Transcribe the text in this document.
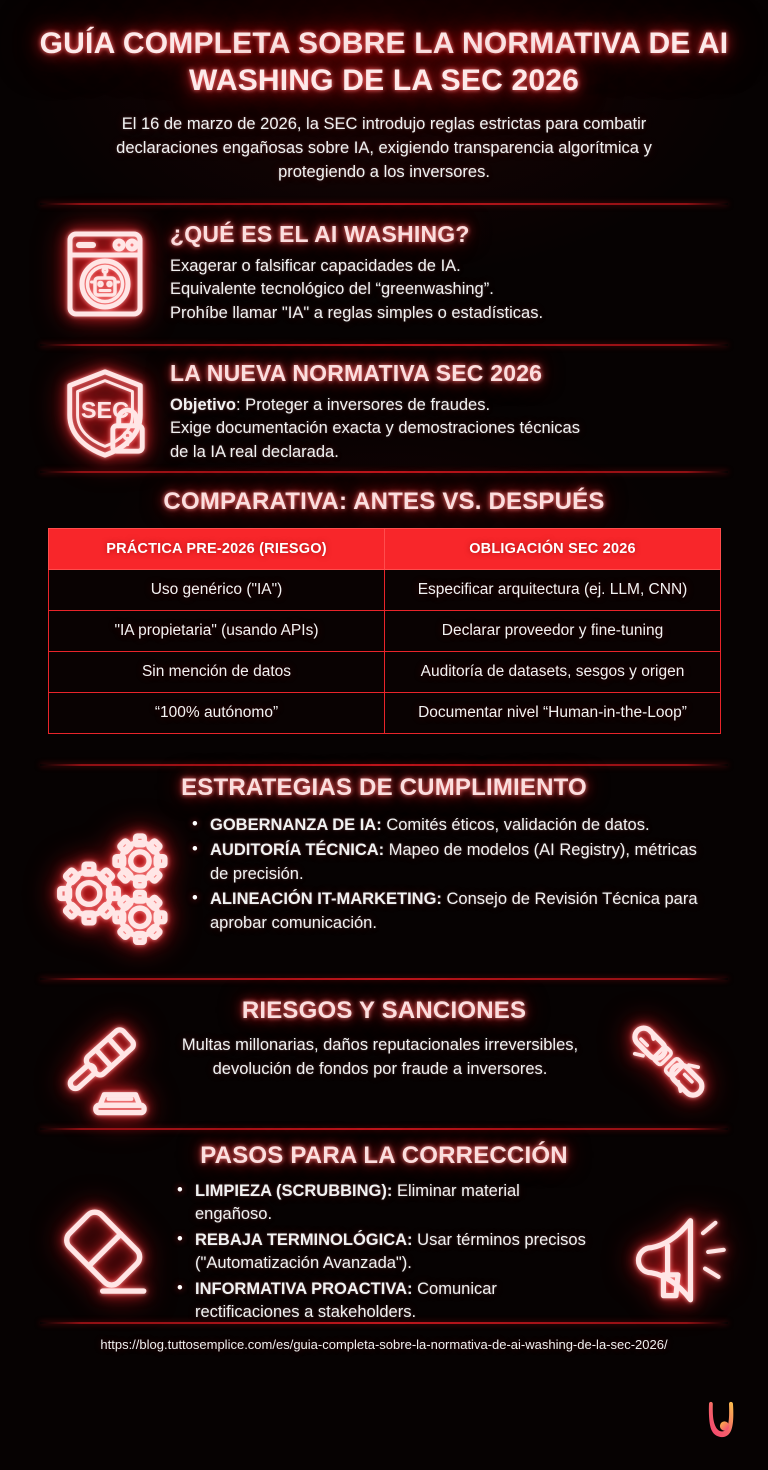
GUÍA COMPLETA SOBRE LA NORMATIVA DE AI WASHING DE LA SEC 2026
El 16 de marzo de 2026, la SEC introdujo reglas estrictas para combatir declaraciones engañosas sobre IA, exigiendo transparencia algorítmica y protegiendo a los inversores.
¿QUÉ ES EL AI WASHING?
Exagerar o falsificar capacidades de IA.
Equivalente tecnológico del “greenwashing”.
Prohíbe llamar "IA" a reglas simples o estadísticas.
SEC
LA NUEVA NORMATIVA SEC 2026
Objetivo: Proteger a inversores de fraudes.
Exige documentación exacta y demostraciones técnicas
de la IA real declarada.
COMPARATIVA: ANTES VS. DESPUÉS
PRÁCTICA PRE-2026 (RIESGO)	OBLIGACIÓN SEC 2026
Uso genérico ("IA")	Especificar arquitectura (ej. LLM, CNN)
"IA propietaria" (usando APIs)	Declarar proveedor y fine-tuning
Sin mención de datos	Auditoría de datasets, sesgos y origen
“100% autónomo”	Documentar nivel “Human-in-the-Loop”
ESTRATEGIAS DE CUMPLIMIENTO
• GOBERNANZA DE IA: Comités éticos, validación de datos.
• AUDITORÍA TÉCNICA: Mapeo de modelos (AI Registry), métricas de precisión.
• ALINEACIÓN IT-MARKETING: Consejo de Revisión Técnica para aprobar comunicación.
RIESGOS Y SANCIONES
Multas millonarias, daños reputacionales irreversibles, devolución de fondos por fraude a inversores.
PASOS PARA LA CORRECCIÓN
• LIMPIEZA (SCRUBBING): Eliminar material engañoso.
• REBAJA TERMINOLÓGICA: Usar términos precisos ("Automatización Avanzada").
• INFORMATIVA PROACTIVA: Comunicar rectificaciones a stakeholders.
https://blog.tuttosemplice.com/es/guia-completa-sobre-la-normativa-de-ai-washing-de-la-sec-2026/
